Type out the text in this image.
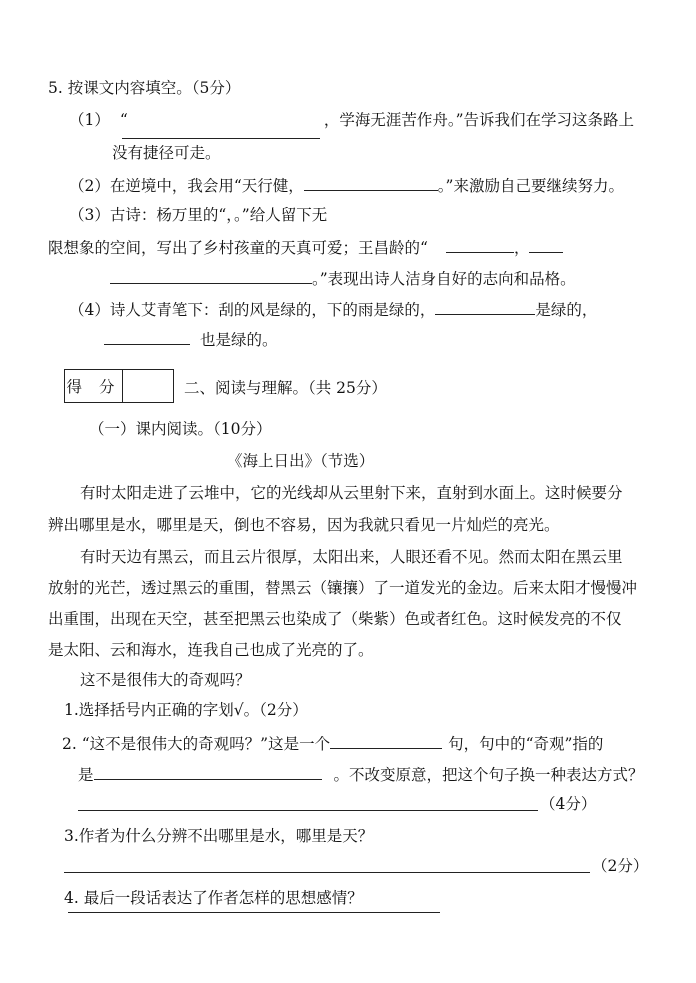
5. 按课文内容填空。（5分）
（1） “	，学海无涯苦作舟。”告诉我们在学习这条路上
没有捷径可走。
（2）在逆境中，我会用“天行健，	。”来激励自己要继续努力。
（3）古诗：杨万里的“，。”给人留下无
限想象的空间，写出了乡村孩童的天真可爱；王昌龄的“	，
。”表现出诗人洁身自好的志向和品格。
（4）诗人艾青笔下：刮的风是绿的，下的雨是绿的，	是绿的，
也是绿的。
得 分	二、阅读与理解。（共 25分）
（一）课内阅读。（10分）
《海上日出》（节选）
有时太阳走进了云堆中，它的光线却从云里射下来，直射到水面上。这时候要分
辨出哪里是水，哪里是天，倒也不容易，因为我就只看见一片灿烂的亮光。
有时天边有黑云，而且云片很厚，太阳出来，人眼还看不见。然而太阳在黑云里
放射的光芒，透过黑云的重围，替黑云（镶攘）了一道发光的金边。后来太阳才慢慢冲
出重围，出现在天空，甚至把黑云也染成了（柴紫）色或者红色。这时候发亮的不仅
是太阳、云和海水，连我自己也成了光亮的了。
这不是很伟大的奇观吗？
1.选择括号内正确的字划√。（2分）
2. “这不是很伟大的奇观吗？”这是一个	句，句中的“奇观”指的
是	。不改变原意，把这个句子换一种表达方式？
（4分）
3.作者为什么分辨不出哪里是水，哪里是天？
（2分）
4. 最后一段话表达了作者怎样的思想感情？
